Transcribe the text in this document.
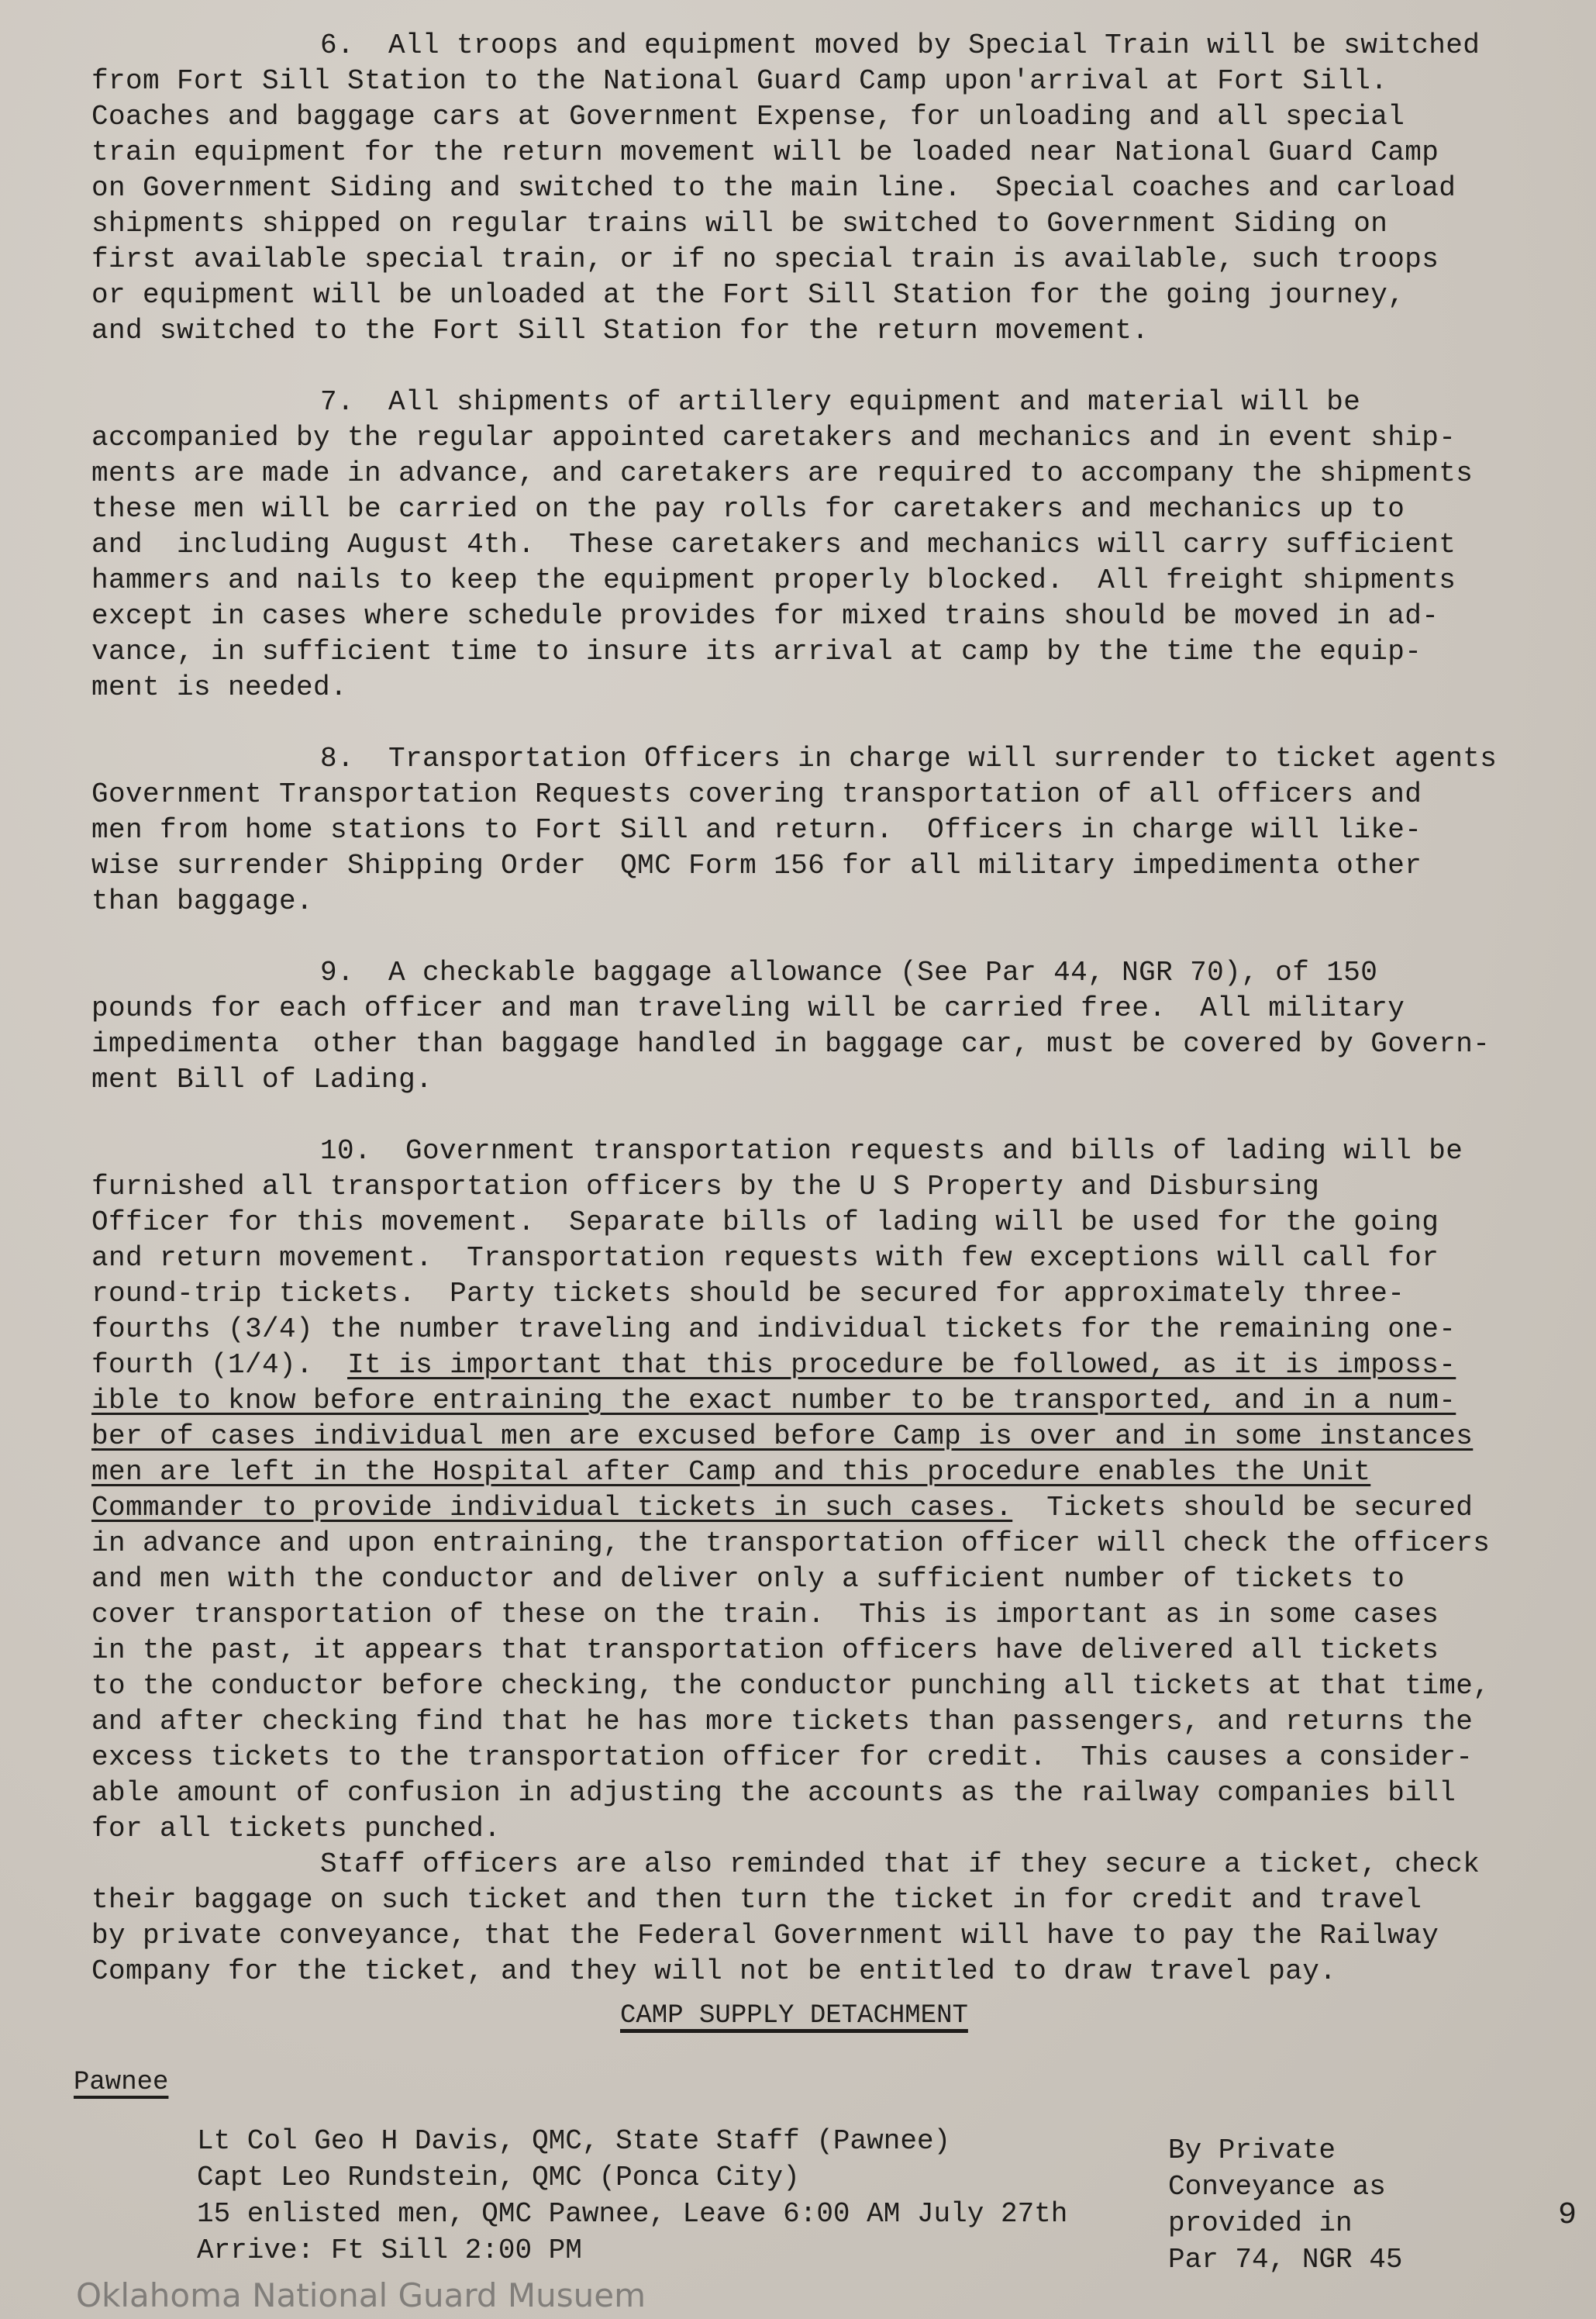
6.  All troops and equipment moved by Special Train will be switched
from Fort Sill Station to the National Guard Camp upon'arrival at Fort Sill.
Coaches and baggage cars at Government Expense, for unloading and all special
train equipment for the return movement will be loaded near National Guard Camp
on Government Siding and switched to the main line.  Special coaches and carload
shipments shipped on regular trains will be switched to Government Siding on
first available special train, or if no special train is available, such troops
or equipment will be unloaded at the Fort Sill Station for the going journey,
and switched to the Fort Sill Station for the return movement.
7.  All shipments of artillery equipment and material will be
accompanied by the regular appointed caretakers and mechanics and in event ship-
ments are made in advance, and caretakers are required to accompany the shipments
these men will be carried on the pay rolls for caretakers and mechanics up to
and  including August 4th.  These caretakers and mechanics will carry sufficient
hammers and nails to keep the equipment properly blocked.  All freight shipments
except in cases where schedule provides for mixed trains should be moved in ad-
vance, in sufficient time to insure its arrival at camp by the time the equip-
ment is needed.
8.  Transportation Officers in charge will surrender to ticket agents
Government Transportation Requests covering transportation of all officers and
men from home stations to Fort Sill and return.  Officers in charge will like-
wise surrender Shipping Order  QMC Form 156 for all military impedimenta other
than baggage.
9.  A checkable baggage allowance (See Par 44, NGR 70), of 150
pounds for each officer and man traveling will be carried free.  All military
impedimenta  other than baggage handled in baggage car, must be covered by Govern-
ment Bill of Lading.
10.  Government transportation requests and bills of lading will be
furnished all transportation officers by the U S Property and Disbursing
Officer for this movement.  Separate bills of lading will be used for the going
and return movement.  Transportation requests with few exceptions will call for
round-trip tickets.  Party tickets should be secured for approximately three-
fourths (3/4) the number traveling and individual tickets for the remaining one-
fourth (1/4).  It is important that this procedure be followed, as it is imposs-
ible to know before entraining the exact number to be transported, and in a num-
ber of cases individual men are excused before Camp is over and in some instances
men are left in the Hospital after Camp and this procedure enables the Unit
Commander to provide individual tickets in such cases.  Tickets should be secured
in advance and upon entraining, the transportation officer will check the officers
and men with the conductor and deliver only a sufficient number of tickets to
cover transportation of these on the train.  This is important as in some cases
in the past, it appears that transportation officers have delivered all tickets
to the conductor before checking, the conductor punching all tickets at that time,
and after checking find that he has more tickets than passengers, and returns the
excess tickets to the transportation officer for credit.  This causes a consider-
able amount of confusion in adjusting the accounts as the railway companies bill
for all tickets punched.
Staff officers are also reminded that if they secure a ticket, check
their baggage on such ticket and then turn the ticket in for credit and travel
by private conveyance, that the Federal Government will have to pay the Railway
Company for the ticket, and they will not be entitled to draw travel pay.
CAMP SUPPLY DETACHMENT
Pawnee
Lt Col Geo H Davis, QMC, State Staff (Pawnee)
Capt Leo Rundstein, QMC (Ponca City)
15 enlisted men, QMC Pawnee, Leave 6:00 AM July 27th
Arrive: Ft Sill 2:00 PM
By Private
Conveyance as
provided in
Par 74, NGR 45
9
Oklahoma National Guard Musuem
